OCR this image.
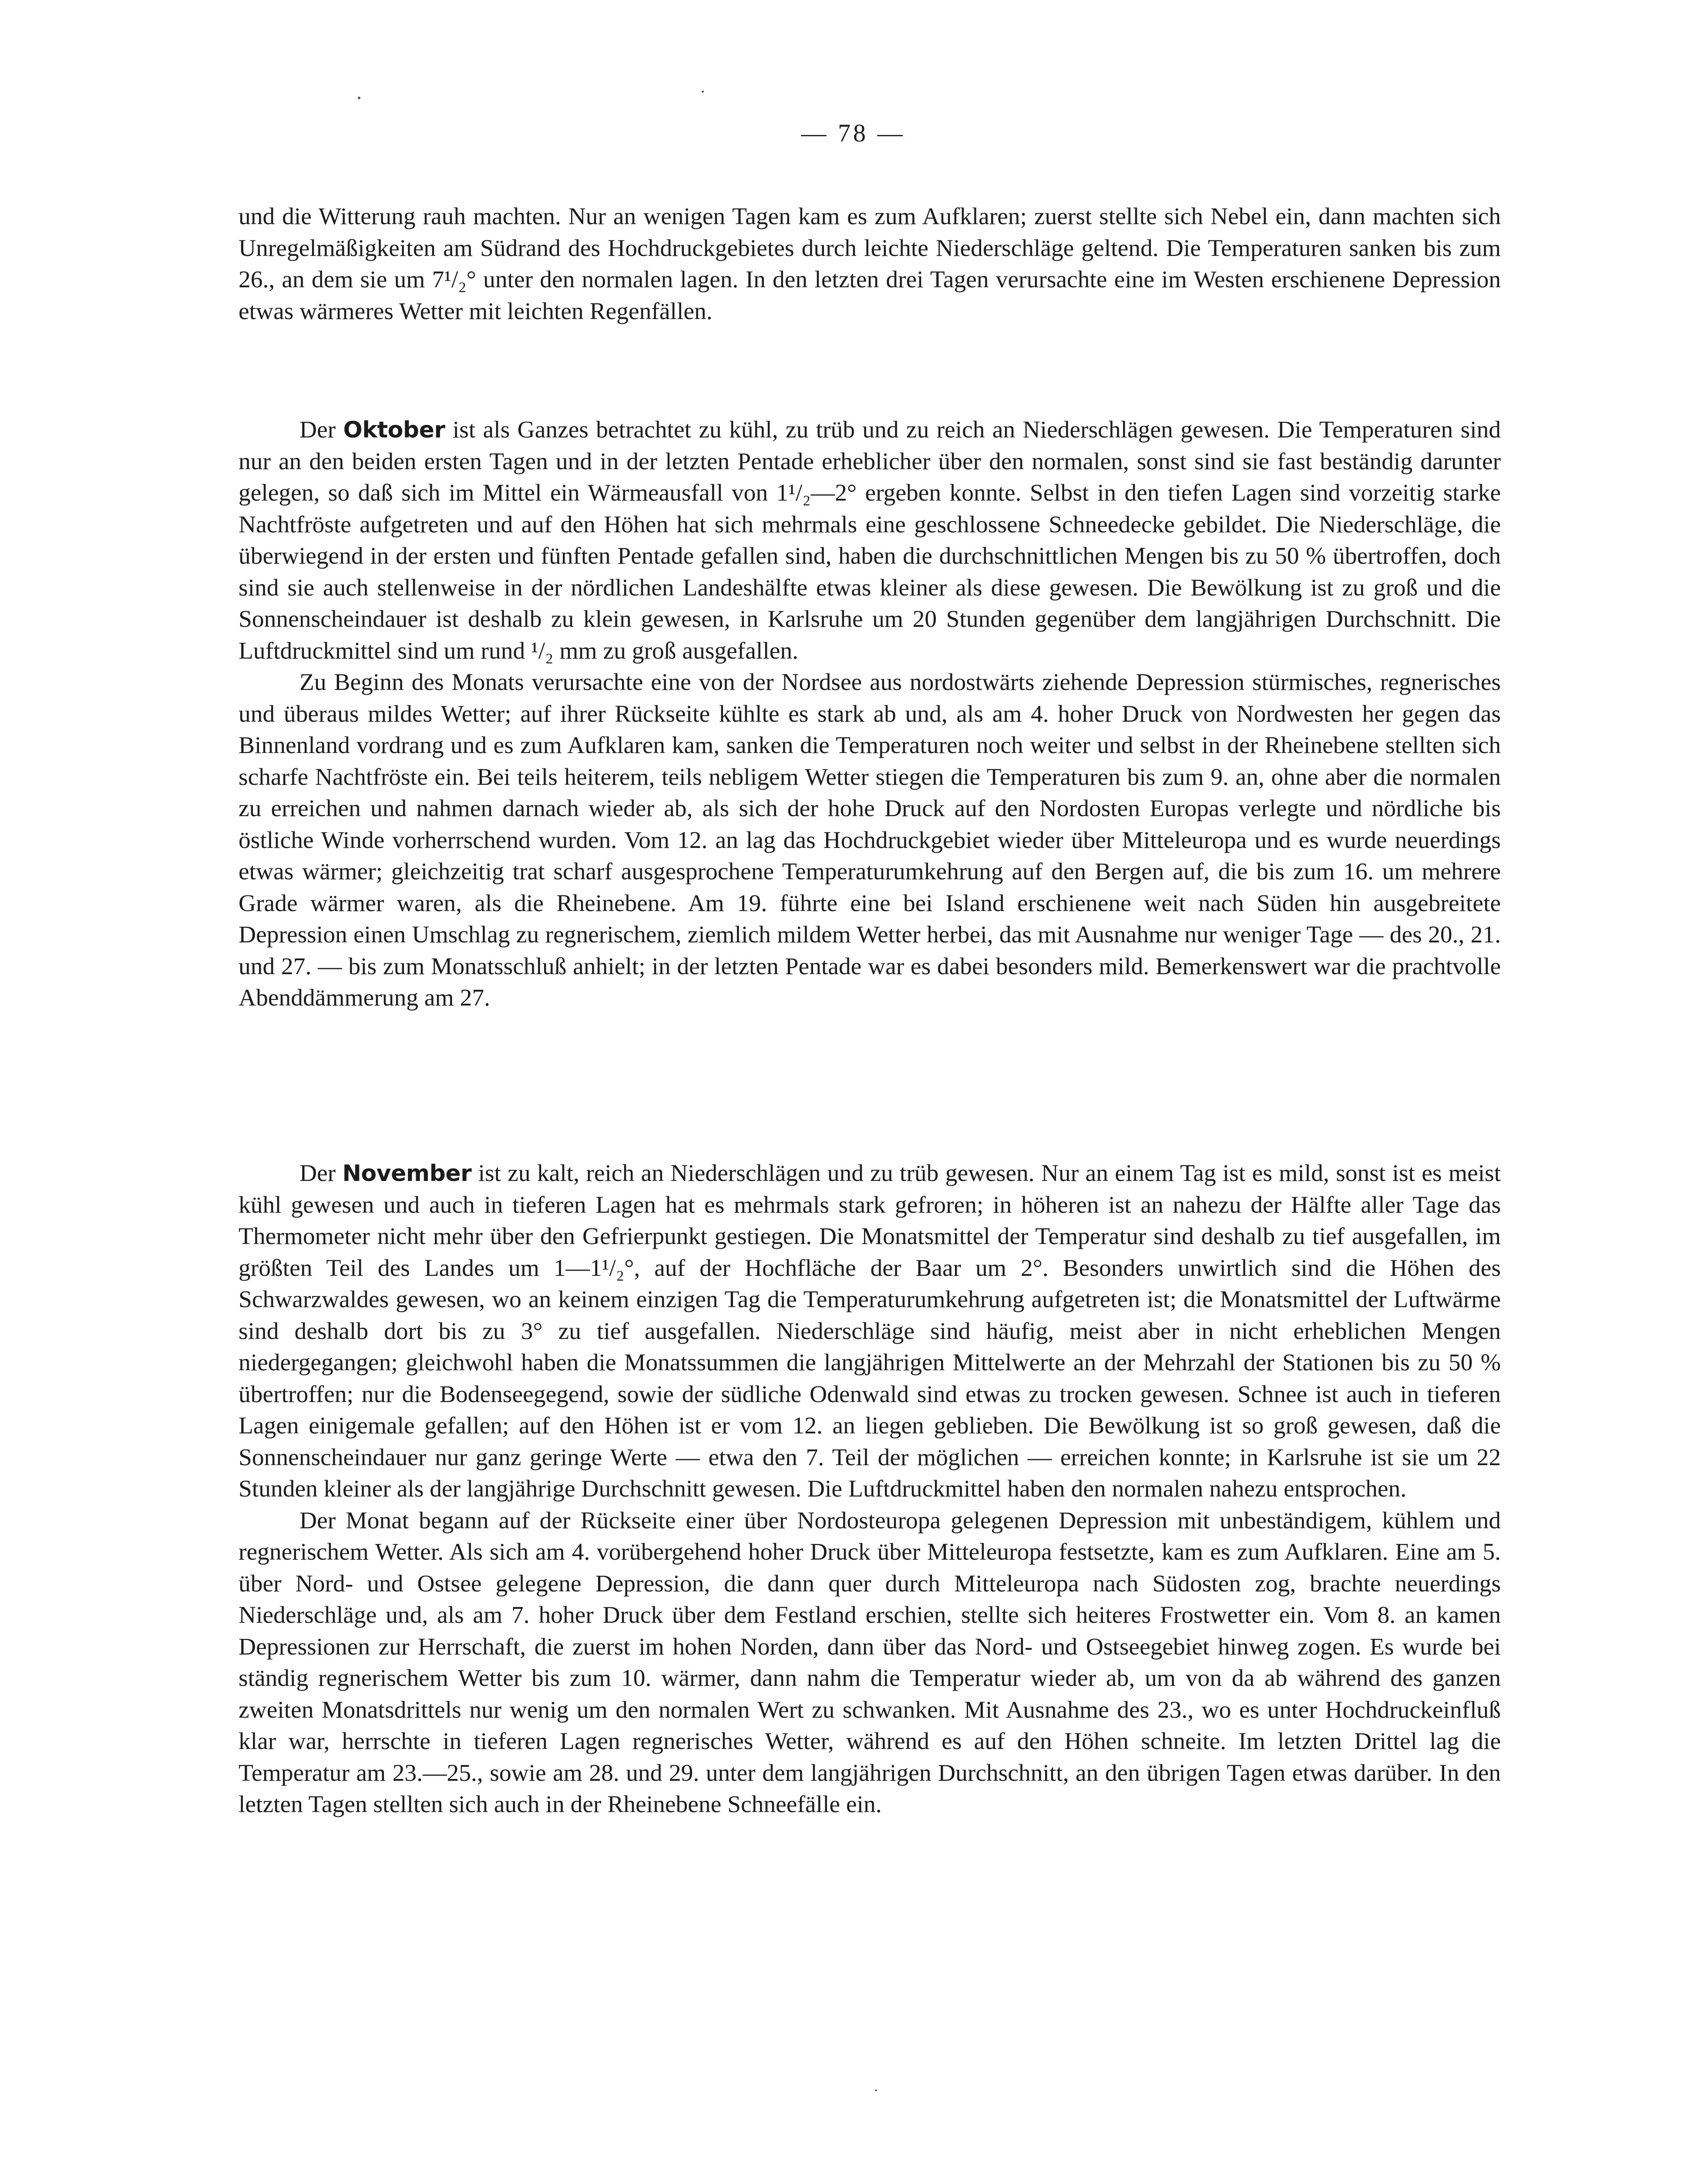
— 78 —

und die Witterung rauh machten. Nur an wenigen Tagen kam es zum Aufklaren; zuerst stellte sich Nebel ein, dann machten sich Unregelmäßigkeiten am Südrand des Hochdruckgebietes durch leichte Niederschläge geltend. Die Temperaturen sanken bis zum 26., an dem sie um 7¹/₂° unter den normalen lagen. In den letzten drei Tagen verursachte eine im Westen erschienene Depression etwas wärmeres Wetter mit leichten Regenfällen.

Der Oktober ist als Ganzes betrachtet zu kühl, zu trüb und zu reich an Niederschlägen gewesen. Die Temperaturen sind nur an den beiden ersten Tagen und in der letzten Pentade erheblicher über den normalen, sonst sind sie fast beständig darunter gelegen, so daß sich im Mittel ein Wärmeausfall von 1¹/₂—2° ergeben konnte. Selbst in den tiefen Lagen sind vorzeitig starke Nachtfröste aufgetreten und auf den Höhen hat sich mehrmals eine geschlossene Schneedecke gebildet. Die Niederschläge, die überwiegend in der ersten und fünften Pentade gefallen sind, haben die durchschnittlichen Mengen bis zu 50 % übertroffen, doch sind sie auch stellenweise in der nördlichen Landeshälfte etwas kleiner als diese gewesen. Die Bewölkung ist zu groß und die Sonnenscheindauer ist deshalb zu klein gewesen, in Karlsruhe um 20 Stunden gegenüber dem langjährigen Durchschnitt. Die Luftdruckmittel sind um rund ¹/₂ mm zu groß ausgefallen.

Zu Beginn des Monats verursachte eine von der Nordsee aus nordostwärts ziehende Depression stürmisches, regnerisches und überaus mildes Wetter; auf ihrer Rückseite kühlte es stark ab und, als am 4. hoher Druck von Nordwesten her gegen das Binnenland vordrang und es zum Aufklaren kam, sanken die Temperaturen noch weiter und selbst in der Rheinebene stellten sich scharfe Nachtfröste ein. Bei teils heiterem, teils nebligem Wetter stiegen die Temperaturen bis zum 9. an, ohne aber die normalen zu erreichen und nahmen darnach wieder ab, als sich der hohe Druck auf den Nordosten Europas verlegte und nördliche bis östliche Winde vorherrschend wurden. Vom 12. an lag das Hochdruckgebiet wieder über Mitteleuropa und es wurde neuerdings etwas wärmer; gleichzeitig trat scharf ausgesprochene Temperaturumkehrung auf den Bergen auf, die bis zum 16. um mehrere Grade wärmer waren, als die Rheinebene. Am 19. führte eine bei Island erschienene weit nach Süden hin ausgebreitete Depression einen Umschlag zu regnerischem, ziemlich mildem Wetter herbei, das mit Ausnahme nur weniger Tage — des 20., 21. und 27. — bis zum Monatsschluß anhielt; in der letzten Pentade war es dabei besonders mild. Bemerkenswert war die prachtvolle Abenddämmerung am 27.

Der November ist zu kalt, reich an Niederschlägen und zu trüb gewesen. Nur an einem Tag ist es mild, sonst ist es meist kühl gewesen und auch in tieferen Lagen hat es mehrmals stark gefroren; in höheren ist an nahezu der Hälfte aller Tage das Thermometer nicht mehr über den Gefrierpunkt gestiegen. Die Monatsmittel der Temperatur sind deshalb zu tief ausgefallen, im größten Teil des Landes um 1—1¹/₂°, auf der Hochfläche der Baar um 2°. Besonders unwirtlich sind die Höhen des Schwarzwaldes gewesen, wo an keinem einzigen Tag die Temperaturumkehrung aufgetreten ist; die Monatsmittel der Luftwärme sind deshalb dort bis zu 3° zu tief ausgefallen. Niederschläge sind häufig, meist aber in nicht erheblichen Mengen niedergegangen; gleichwohl haben die Monatssummen die langjährigen Mittelwerte an der Mehrzahl der Stationen bis zu 50 % übertroffen; nur die Bodenseegegend, sowie der südliche Odenwald sind etwas zu trocken gewesen. Schnee ist auch in tieferen Lagen einigemale gefallen; auf den Höhen ist er vom 12. an liegen geblieben. Die Bewölkung ist so groß gewesen, daß die Sonnenscheindauer nur ganz geringe Werte — etwa den 7. Teil der möglichen — erreichen konnte; in Karlsruhe ist sie um 22 Stunden kleiner als der langjährige Durchschnitt gewesen. Die Luftdruckmittel haben den normalen nahezu entsprochen.

Der Monat begann auf der Rückseite einer über Nordosteuropa gelegenen Depression mit unbeständigem, kühlem und regnerischem Wetter. Als sich am 4. vorübergehend hoher Druck über Mitteleuropa festsetzte, kam es zum Aufklaren. Eine am 5. über Nord- und Ostsee gelegene Depression, die dann quer durch Mitteleuropa nach Südosten zog, brachte neuerdings Niederschläge und, als am 7. hoher Druck über dem Festland erschien, stellte sich heiteres Frostwetter ein. Vom 8. an kamen Depressionen zur Herrschaft, die zuerst im hohen Norden, dann über das Nord- und Ostseegebiet hinweg zogen. Es wurde bei ständig regnerischem Wetter bis zum 10. wärmer, dann nahm die Temperatur wieder ab, um von da ab während des ganzen zweiten Monatsdrittels nur wenig um den normalen Wert zu schwanken. Mit Ausnahme des 23., wo es unter Hochdruckeinfluß klar war, herrschte in tieferen Lagen regnerisches Wetter, während es auf den Höhen schneite. Im letzten Drittel lag die Temperatur am 23.—25., sowie am 28. und 29. unter dem langjährigen Durchschnitt, an den übrigen Tagen etwas darüber. In den letzten Tagen stellten sich auch in der Rheinebene Schneefälle ein.
